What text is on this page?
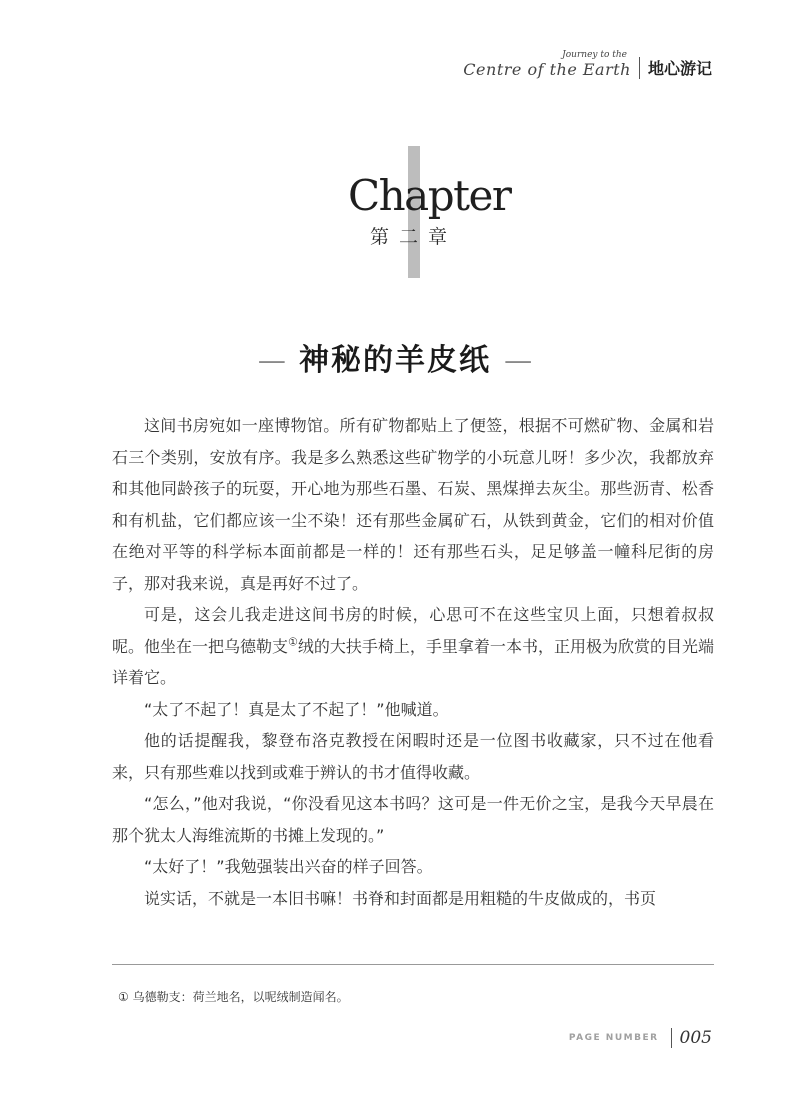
Journey to the
Centre of the Earth 地心游记
Chapter
第二章
— 神秘的羊皮纸 —

这间书房宛如一座博物馆。所有矿物都贴上了便签，根据不可燃矿物、金属和岩石三个类别，安放有序。我是多么熟悉这些矿物学的小玩意儿呀！多少次，我都放弃和其他同龄孩子的玩耍，开心地为那些石墨、石炭、黑煤掸去灰尘。那些沥青、松香和有机盐，它们都应该一尘不染！还有那些金属矿石，从铁到黄金，它们的相对价值在绝对平等的科学标本面前都是一样的！还有那些石头，足足够盖一幢科尼街的房子，那对我来说，真是再好不过了。

可是，这会儿我走进这间书房的时候，心思可不在这些宝贝上面，只想着叔叔呢。他坐在一把乌德勒支①绒的大扶手椅上，手里拿着一本书，正用极为欣赏的目光端详着它。

“太了不起了！真是太了不起了！”他喊道。

他的话提醒我，黎登布洛克教授在闲暇时还是一位图书收藏家，只不过在他看来，只有那些难以找到或难于辨认的书才值得收藏。

“怎么，”他对我说，“你没看见这本书吗？这可是一件无价之宝，是我今天早晨在那个犹太人海维流斯的书摊上发现的。”

“太好了！”我勉强装出兴奋的样子回答。

说实话，不就是一本旧书嘛！书脊和封面都是用粗糙的牛皮做成的，书页

① 乌德勒支：荷兰地名，以呢绒制造闻名。
PAGE NUMBER 005
